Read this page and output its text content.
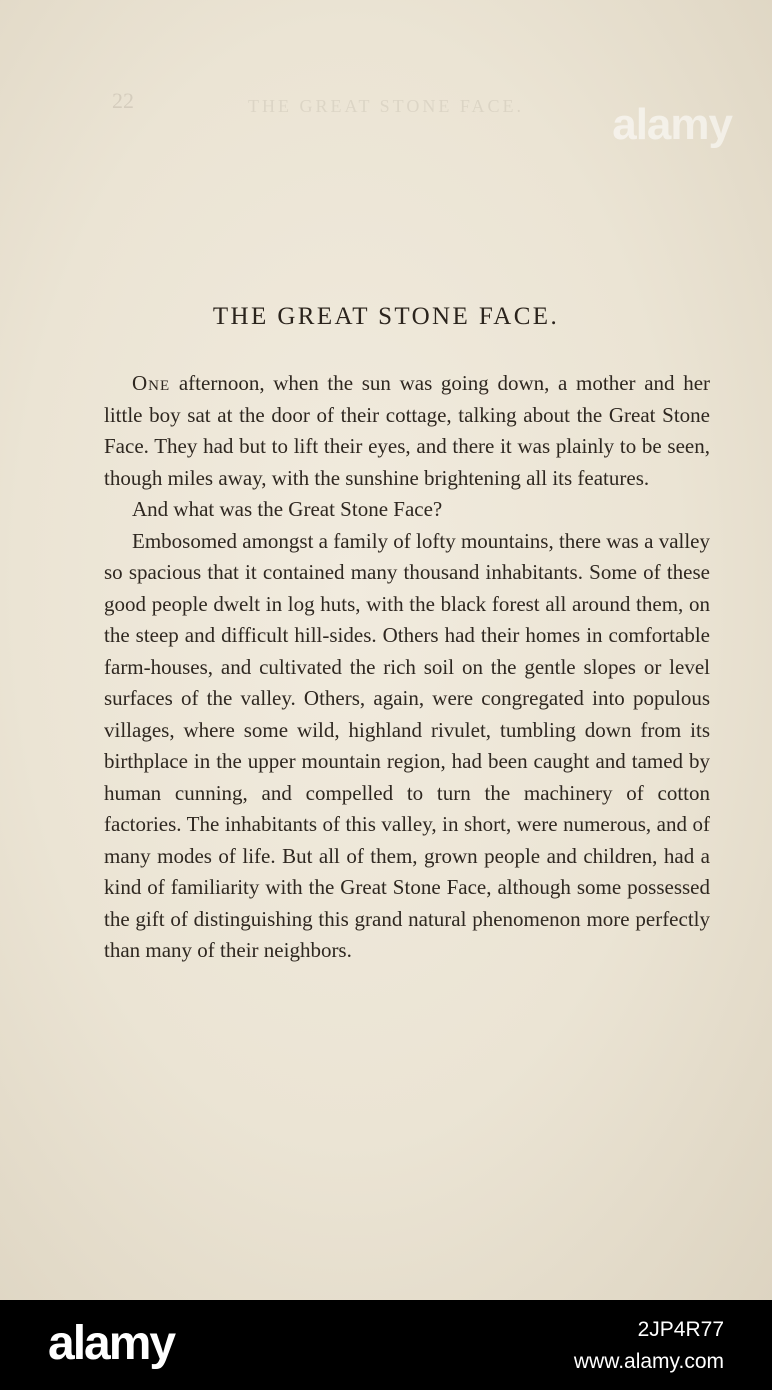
22	THE GREAT STONE FACE.	alamy
THE GREAT STONE FACE.

One afternoon, when the sun was going down, a mother and her little boy sat at the door of their cottage, talking about the Great Stone Face. They had but to lift their eyes, and there it was plainly to be seen, though miles away, with the sunshine brightening all its features.

And what was the Great Stone Face?

Embosomed amongst a family of lofty mountains, there was a valley so spacious that it contained many thousand inhabitants. Some of these good people dwelt in log huts, with the black forest all around them, on the steep and difficult hill-sides. Others had their homes in comfortable farm-houses, and cultivated the rich soil on the gentle slopes or level surfaces of the valley. Others, again, were congregated into populous villages, where some wild, highland rivulet, tumbling down from its birthplace in the upper mountain region, had been caught and tamed by human cunning, and compelled to turn the machinery of cotton factories. The inhabitants of this valley, in short, were numerous, and of many modes of life. But all of them, grown people and children, had a kind of familiarity with the Great Stone Face, although some possessed the gift of distinguishing this grand natural phenomenon more perfectly than many of their neighbors.

alamy	2JP4R77
www.alamy.com
